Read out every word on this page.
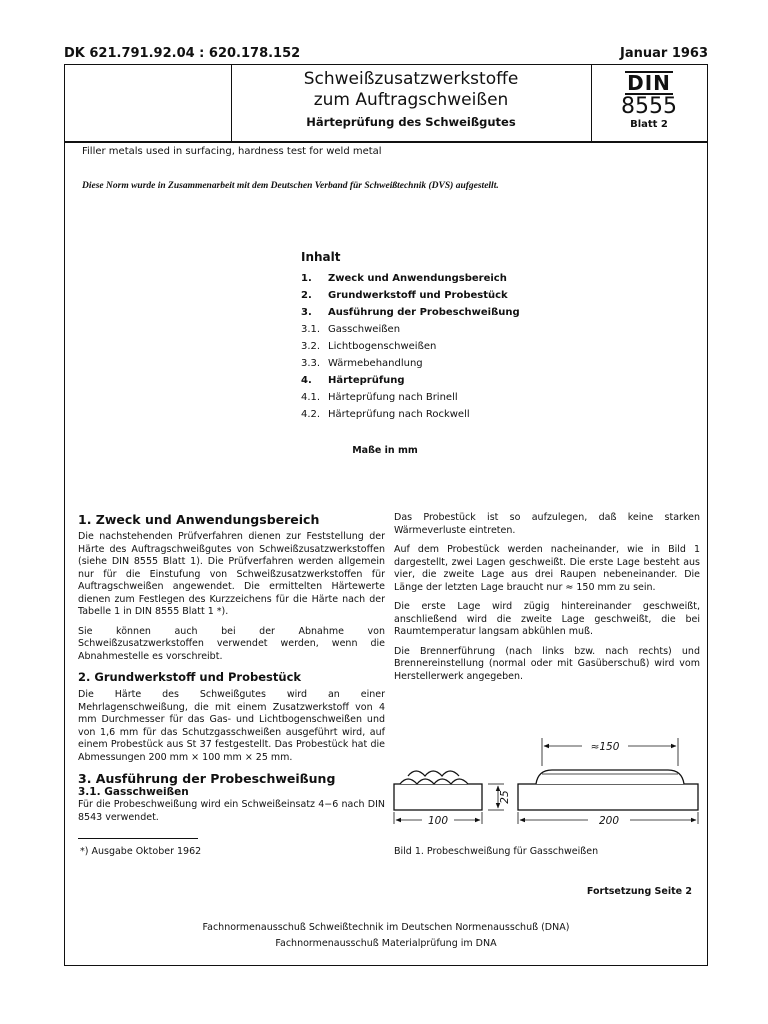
DK 621.791.92.04 : 620.178.152	Januar 1963
Schweißzusatzwerkstoffe
zum Auftragschweißen
Härteprüfung des Schweißgutes
DIN
8555
Blatt 2
Filler metals used in surfacing, hardness test for weld metal
Diese Norm wurde in Zusammenarbeit mit dem Deutschen Verband für Schweißtechnik (DVS) aufgestellt.
Inhalt
1.	Zweck und Anwendungsbereich
2.	Grundwerkstoff und Probestück
3.	Ausführung der Probeschweißung
3.1. Gasschweißen
3.2. Lichtbogenschweißen
3.3. Wärmebehandlung
4.	Härteprüfung
4.1. Härteprüfung nach Brinell
4.2. Härteprüfung nach Rockwell
Maße in mm
1. Zweck und Anwendungsbereich

Die nachstehenden Prüfverfahren dienen zur Feststellung der Härte des Auftragschweißgutes von Schweißzusatzwerkstoffen (siehe DIN 8555 Blatt 1). Die Prüfverfahren werden allgemein nur für die Einstufung von Schweißzusatzwerkstoffen für Auftragschweißen angewendet. Die ermittelten Härtewerte dienen zum Festlegen des Kurzzeichens für die Härte nach der Tabelle 1 in DIN 8555 Blatt 1 *).

Sie können auch bei der Abnahme von Schweißzusatzwerkstoffen verwendet werden, wenn die Abnahmestelle es vorschreibt.

2. Grundwerkstoff und Probestück

Die Härte des Schweißgutes wird an einer Mehrlagenschweißung, die mit einem Zusatzwerkstoff von 4 mm Durchmesser für das Gas- und Lichtbogenschweißen und von 1,6 mm für das Schutzgasschweißen ausgeführt wird, auf einem Probestück aus St 37 festgestellt. Das Probestück hat die Abmessungen 200 mm × 100 mm × 25 mm.

3. Ausführung der Probeschweißung
3.1. Gasschweißen

Für die Probeschweißung wird ein Schweißeinsatz 4−6 nach DIN 8543 verwendet.

*) Ausgabe Oktober 1962

Das Probestück ist so aufzulegen, daß keine starken Wärmeverluste eintreten.

Auf dem Probestück werden nacheinander, wie in Bild 1 dargestellt, zwei Lagen geschweißt. Die erste Lage besteht aus vier, die zweite Lage aus drei Raupen nebeneinander. Die Länge der letzten Lage braucht nur ≈ 150 mm zu sein.

Die erste Lage wird zügig hintereinander geschweißt, anschließend wird die zweite Lage geschweißt, die bei Raumtemperatur langsam abkühlen muß.

Die Brennerführung (nach links bzw. nach rechts) und Brennereinstellung (normal oder mit Gasüberschuß) wird vom Herstellerwerk angegeben.

100
25
200
≈150
Bild 1. Probeschweißung für Gasschweißen
Fortsetzung Seite 2
Fachnormenausschuß Schweißtechnik im Deutschen Normenausschuß (DNA)
Fachnormenausschuß Materialprüfung im DNA
